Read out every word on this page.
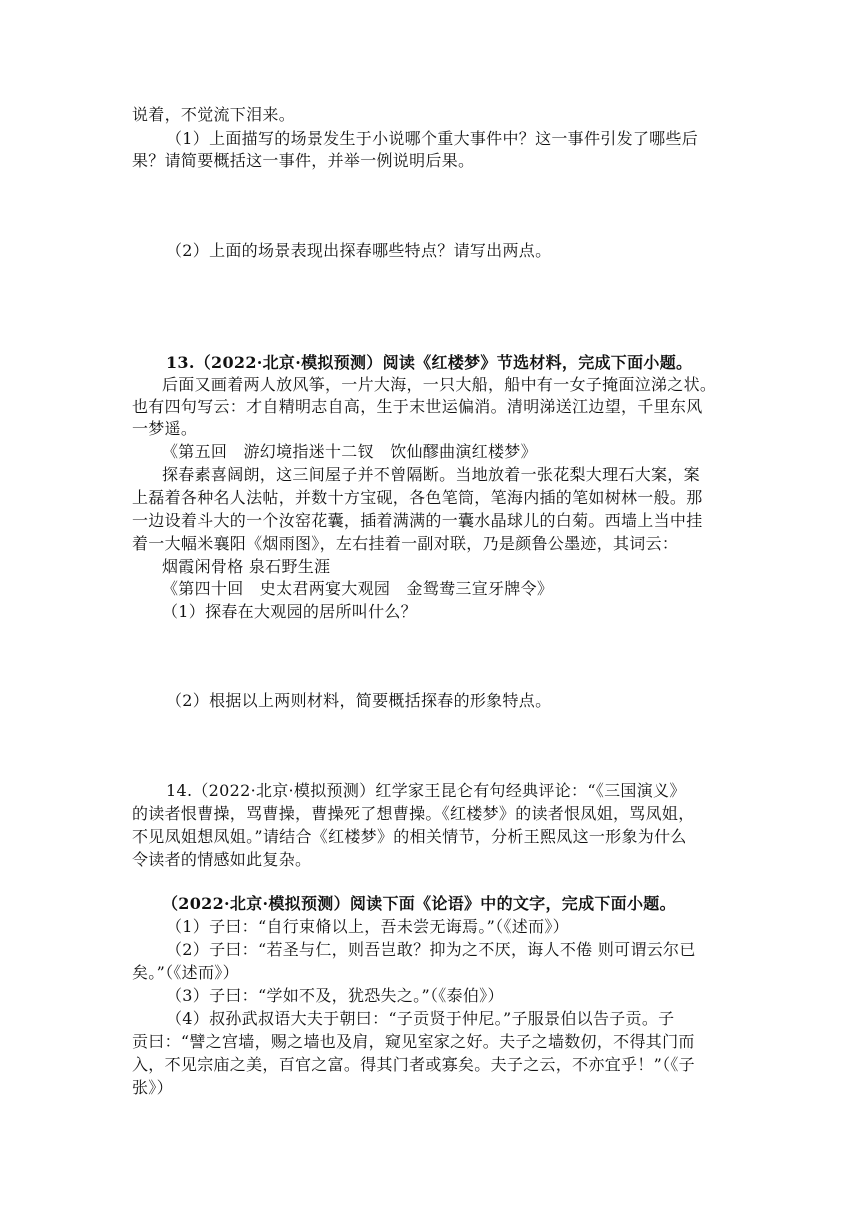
说着，不觉流下泪来。
（1）上面描写的场景发生于小说哪个重大事件中？这一事件引发了哪些后
果？请简要概括这一事件，并举一例说明后果。
（2）上面的场景表现出探春哪些特点？请写出两点。
13.（2022·北京·模拟预测）阅读《红楼梦》节选材料，完成下面小题。
后面又画着两人放风筝，一片大海，一只大船，船中有一女子掩面泣涕之状。
也有四句写云：才自精明志自高，生于末世运偏消。清明涕送江边望，千里东风
一梦遥。
《第五回　游幻境指迷十二钗　饮仙醪曲演红楼梦》
探春素喜阔朗，这三间屋子并不曾隔断。当地放着一张花梨大理石大案，案
上磊着各种名人法帖，并数十方宝砚，各色笔筒，笔海内插的笔如树林一般。那
一边设着斗大的一个汝窑花囊，插着满满的一囊水晶球儿的白菊。西墙上当中挂
着一大幅米襄阳《烟雨图》，左右挂着一副对联，乃是颜鲁公墨迹，其词云：
烟霞闲骨格 泉石野生涯
《第四十回　史太君两宴大观园　金鸳鸯三宣牙牌令》
（1）探春在大观园的居所叫什么？
（2）根据以上两则材料，简要概括探春的形象特点。
14.（2022·北京·模拟预测）红学家王昆仑有句经典评论：“《三国演义》
的读者恨曹操，骂曹操，曹操死了想曹操。《红楼梦》的读者恨凤姐，骂凤姐，
不见凤姐想凤姐。”请结合《红楼梦》的相关情节，分析王熙凤这一形象为什么
令读者的情感如此复杂。
（2022·北京·模拟预测）阅读下面《论语》中的文字，完成下面小题。
（1）子曰：“自行束脩以上，吾未尝无诲焉。”（《述而》）
（2）子曰：“若圣与仁，则吾岂敢？抑为之不厌，诲人不倦 则可谓云尔已
矣。”（《述而》）
（3）子曰：“学如不及，犹恐失之。”（《泰伯》）
（4）叔孙武叔语大夫于朝曰：“子贡贤于仲尼。”子服景伯以告子贡。子
贡曰：“譬之宫墙，赐之墙也及肩，窥见室家之好。夫子之墙数仞，不得其门而
入，不见宗庙之美，百官之富。得其门者或寡矣。夫子之云，不亦宜乎！”（《子
张》）
